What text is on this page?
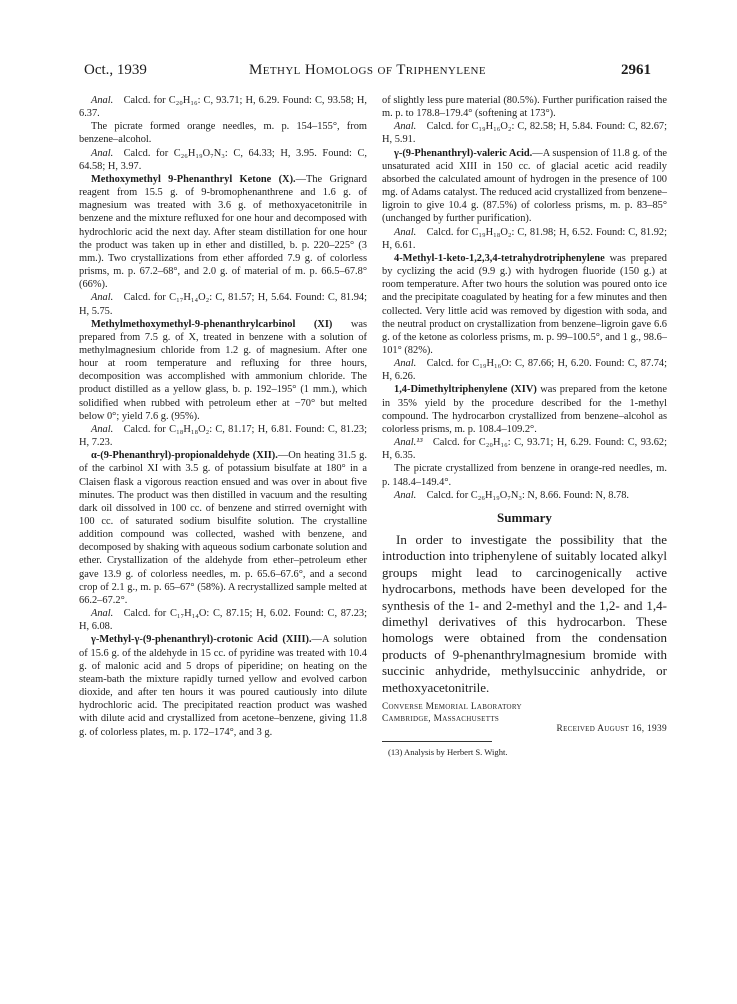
Oct., 1939	Methyl Homologs of Triphenylene	2961

Anal.  Calcd. for C₂₀H₁₆: C, 93.71; H, 6.29. Found: C, 93.58; H, 6.37.

The picrate formed orange needles, m. p. 154–155°, from benzene–alcohol.

Anal.  Calcd. for C₂₆H₁₉O₇N₃: C, 64.33; H, 3.95. Found: C, 64.58; H, 3.97.

Methoxymethyl 9-Phenanthryl Ketone (X).—The Grignard reagent from 15.5 g. of 9-bromophenanthrene and 1.6 g. of magnesium was treated with 3.6 g. of methoxyacetonitrile in benzene and the mixture refluxed for one hour and decomposed with hydrochloric acid the next day. After steam distillation for one hour the product was taken up in ether and distilled, b. p. 220–225° (3 mm.). Two crystallizations from ether afforded 7.9 g. of colorless prisms, m. p. 67.2–68°, and 2.0 g. of material of m. p. 66.5–67.8° (66%).

Anal.  Calcd. for C₁₇H₁₄O₂: C, 81.57; H, 5.64. Found: C, 81.94; H, 5.75.

Methylmethoxymethyl-9-phenanthrylcarbinol (XI) was prepared from 7.5 g. of X, treated in benzene with a solution of methylmagnesium chloride from 1.2 g. of magnesium. After one hour at room temperature and refluxing for three hours, decomposition was accomplished with ammonium chloride. The product distilled as a yellow glass, b. p. 192–195° (1 mm.), which solidified when rubbed with petroleum ether at −70° but melted below 0°; yield 7.6 g. (95%).

Anal.  Calcd. for C₁₈H₁₈O₂: C, 81.17; H, 6.81. Found: C, 81.23; H, 7.23.

α-(9-Phenanthryl)-propionaldehyde (XII).—On heating 31.5 g. of the carbinol XI with 3.5 g. of potassium bisulfate at 180° in a Claisen flask a vigorous reaction ensued and was over in about five minutes. The product was then distilled in vacuum and the resulting dark oil dissolved in 100 cc. of benzene and stirred overnight with 100 cc. of saturated sodium bisulfite solution. The crystalline addition compound was collected, washed with benzene, and decomposed by shaking with aqueous sodium carbonate solution and ether. Crystallization of the aldehyde from ether–petroleum ether gave 13.9 g. of colorless needles, m. p. 65.6–67.6°, and a second crop of 2.1 g., m. p. 65–67° (58%). A recrystallized sample melted at 66.2–67.2°.

Anal.  Calcd. for C₁₇H₁₄O: C, 87.15; H, 6.02. Found: C, 87.23; H, 6.08.

γ-Methyl-γ-(9-phenanthryl)-crotonic Acid (XIII).—A solution of 15.6 g. of the aldehyde in 15 cc. of pyridine was treated with 10.4 g. of malonic acid and 5 drops of piperidine; on heating on the steam-bath the mixture rapidly turned yellow and evolved carbon dioxide, and after ten hours it was poured cautiously into dilute hydrochloric acid. The precipitated reaction product was washed with dilute acid and crystallized from acetone–benzene, giving 11.8 g. of colorless plates, m. p. 172–174°, and 3 g.

of slightly less pure material (80.5%). Further purification raised the m. p. to 178.8–179.4° (softening at 173°).

Anal.  Calcd. for C₁₉H₁₆O₂: C, 82.58; H, 5.84. Found: C, 82.67; H, 5.91.

γ-(9-Phenanthryl)-valeric Acid.—A suspension of 11.8 g. of the unsaturated acid XIII in 150 cc. of glacial acetic acid readily absorbed the calculated amount of hydrogen in the presence of 100 mg. of Adams catalyst. The reduced acid crystallized from benzene–ligroin to give 10.4 g. (87.5%) of colorless prisms, m. p. 83–85° (unchanged by further purification).

Anal.  Calcd. for C₁₉H₁₈O₂: C, 81.98; H, 6.52. Found: C, 81.92; H, 6.61.

4-Methyl-1-keto-1,2,3,4-tetrahydrotriphenylene was prepared by cyclizing the acid (9.9 g.) with hydrogen fluoride (150 g.) at room temperature. After two hours the solution was poured onto ice and the precipitate coagulated by heating for a few minutes and then collected. Very little acid was removed by digestion with soda, and the neutral product on crystallization from benzene–ligroin gave 6.6 g. of the ketone as colorless prisms, m. p. 99–100.5°, and 1 g., 98.6–101° (82%).

Anal.  Calcd. for C₁₉H₁₆O: C, 87.66; H, 6.20. Found: C, 87.74; H, 6.26.

1,4-Dimethyltriphenylene (XIV) was prepared from the ketone in 35% yield by the procedure described for the 1-methyl compound. The hydrocarbon crystallized from benzene–alcohol as colorless prisms, m. p. 108.4–109.2°.

Anal.¹³  Calcd. for C₂₀H₁₆: C, 93.71; H, 6.29. Found: C, 93.62; H, 6.35.

The picrate crystallized from benzene in orange-red needles, m. p. 148.4–149.4°.

Anal.  Calcd. for C₂₆H₁₉O₇N₃: N, 8.66. Found: N, 8.78.

Summary

In order to investigate the possibility that the introduction into triphenylene of suitably located alkyl groups might lead to carcinogenically active hydrocarbons, methods have been developed for the synthesis of the 1- and 2-methyl and the 1,2- and 1,4-dimethyl derivatives of this hydrocarbon. These homologs were obtained from the condensation products of 9-phenanthrylmagnesium bromide with succinic anhydride, methylsuccinic anhydride, or methoxyacetonitrile.

Converse Memorial Laboratory
Cambridge, Massachusetts
Received August 16, 1939
(13) Analysis by Herbert S. Wight.
